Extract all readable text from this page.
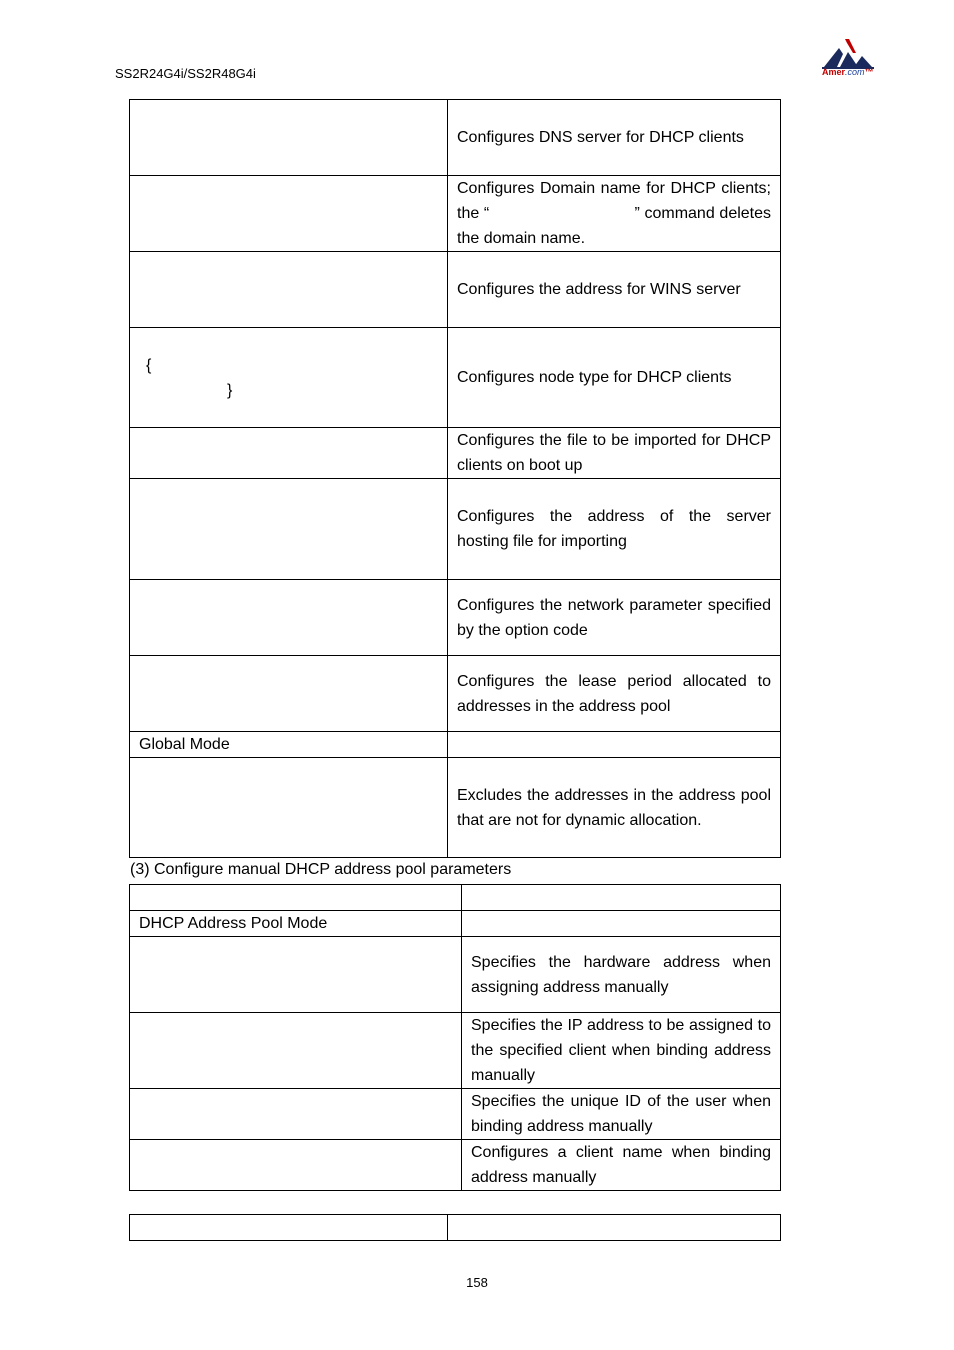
SS2R24G4i/SS2R48G4i	Amer.com™
	Configures DNS server for DHCP clients
	Configures Domain name for DHCP clients; the “ ” command deletes the domain name.
	Configures the address for WINS server

{
}	Configures node type for DHCP clients
	Configures the file to be imported for DHCP clients on boot up
	Configures the address of the server hosting file for importing
	Configures the network parameter specified by the option code
	Configures the lease period allocated to addresses in the address pool
Global Mode	
	Excludes the addresses in the address pool that are not for dynamic allocation.
(3) Configure manual DHCP address pool parameters

DHCP Address Pool Mode	
	Specifies the hardware address when assigning address manually
	Specifies the IP address to be assigned to the specified client when binding address manually
	Specifies the unique ID of the user when binding address manually
	Configures a client name when binding address manually

158
